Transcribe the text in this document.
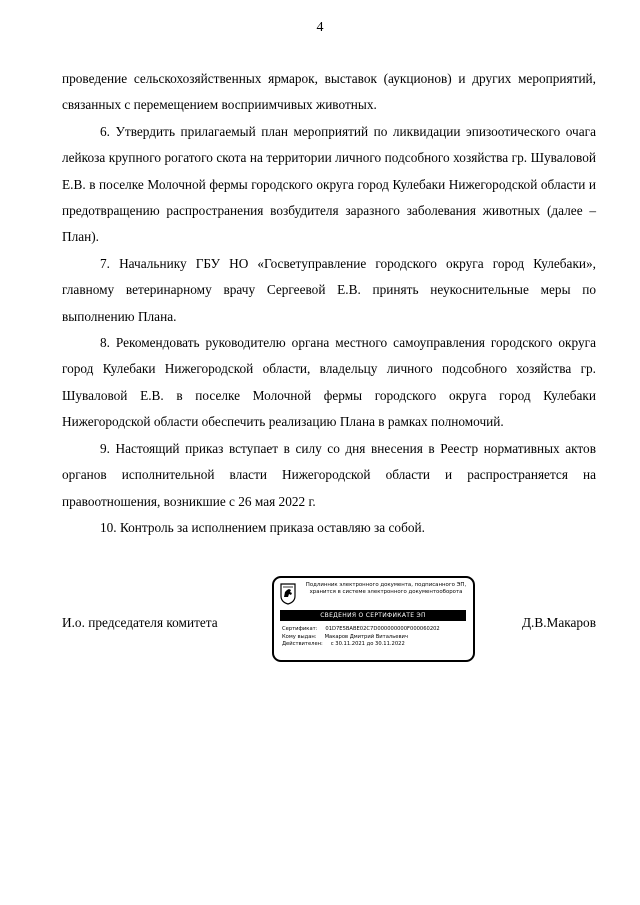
4

проведение сельскохозяйственных ярмарок, выставок (аукционов) и других мероприятий, связанных с перемещением восприимчивых животных.

6. Утвердить прилагаемый план мероприятий по ликвидации эпизоотического очага лейкоза крупного рогатого скота на территории личного подсобного хозяйства гр. Шуваловой Е.В. в поселке Молочной фермы городского округа город Кулебаки Нижегородской области и предотвращению распространения возбудителя заразного заболевания животных (далее – План).

7. Начальнику ГБУ НО «Госветуправление городского округа город Кулебаки», главному ветеринарному врачу Сергеевой Е.В. принять неукоснительные меры по выполнению Плана.

8. Рекомендовать руководителю органа местного самоуправления городского округа город Кулебаки Нижегородской области, владельцу личного подсобного хозяйства гр. Шуваловой Е.В. в поселке Молочной фермы городского округа город Кулебаки Нижегородской области обеспечить реализацию Плана в рамках полномочий.

9. Настоящий приказ вступает в силу со дня внесения в Реестр нормативных актов органов исполнительной власти Нижегородской области и распространяется на правоотношения, возникшие с 26 мая 2022 г.

10. Контроль за исполнением приказа оставляю за собой.

И.о. председателя комитета	Д.В.Макаров
Подлинник электронного документа, подписанного ЭП,
хранится в системе электронного документооборота
СВЕДЕНИЯ О СЕРТИФИКАТЕ ЭП
Сертификат: 01D7E5BABE02C7D000000000F000060202
Кому выдан: Макаров Дмитрий Витальевич
Действителен: с 30.11.2021 до 30.11.2022
